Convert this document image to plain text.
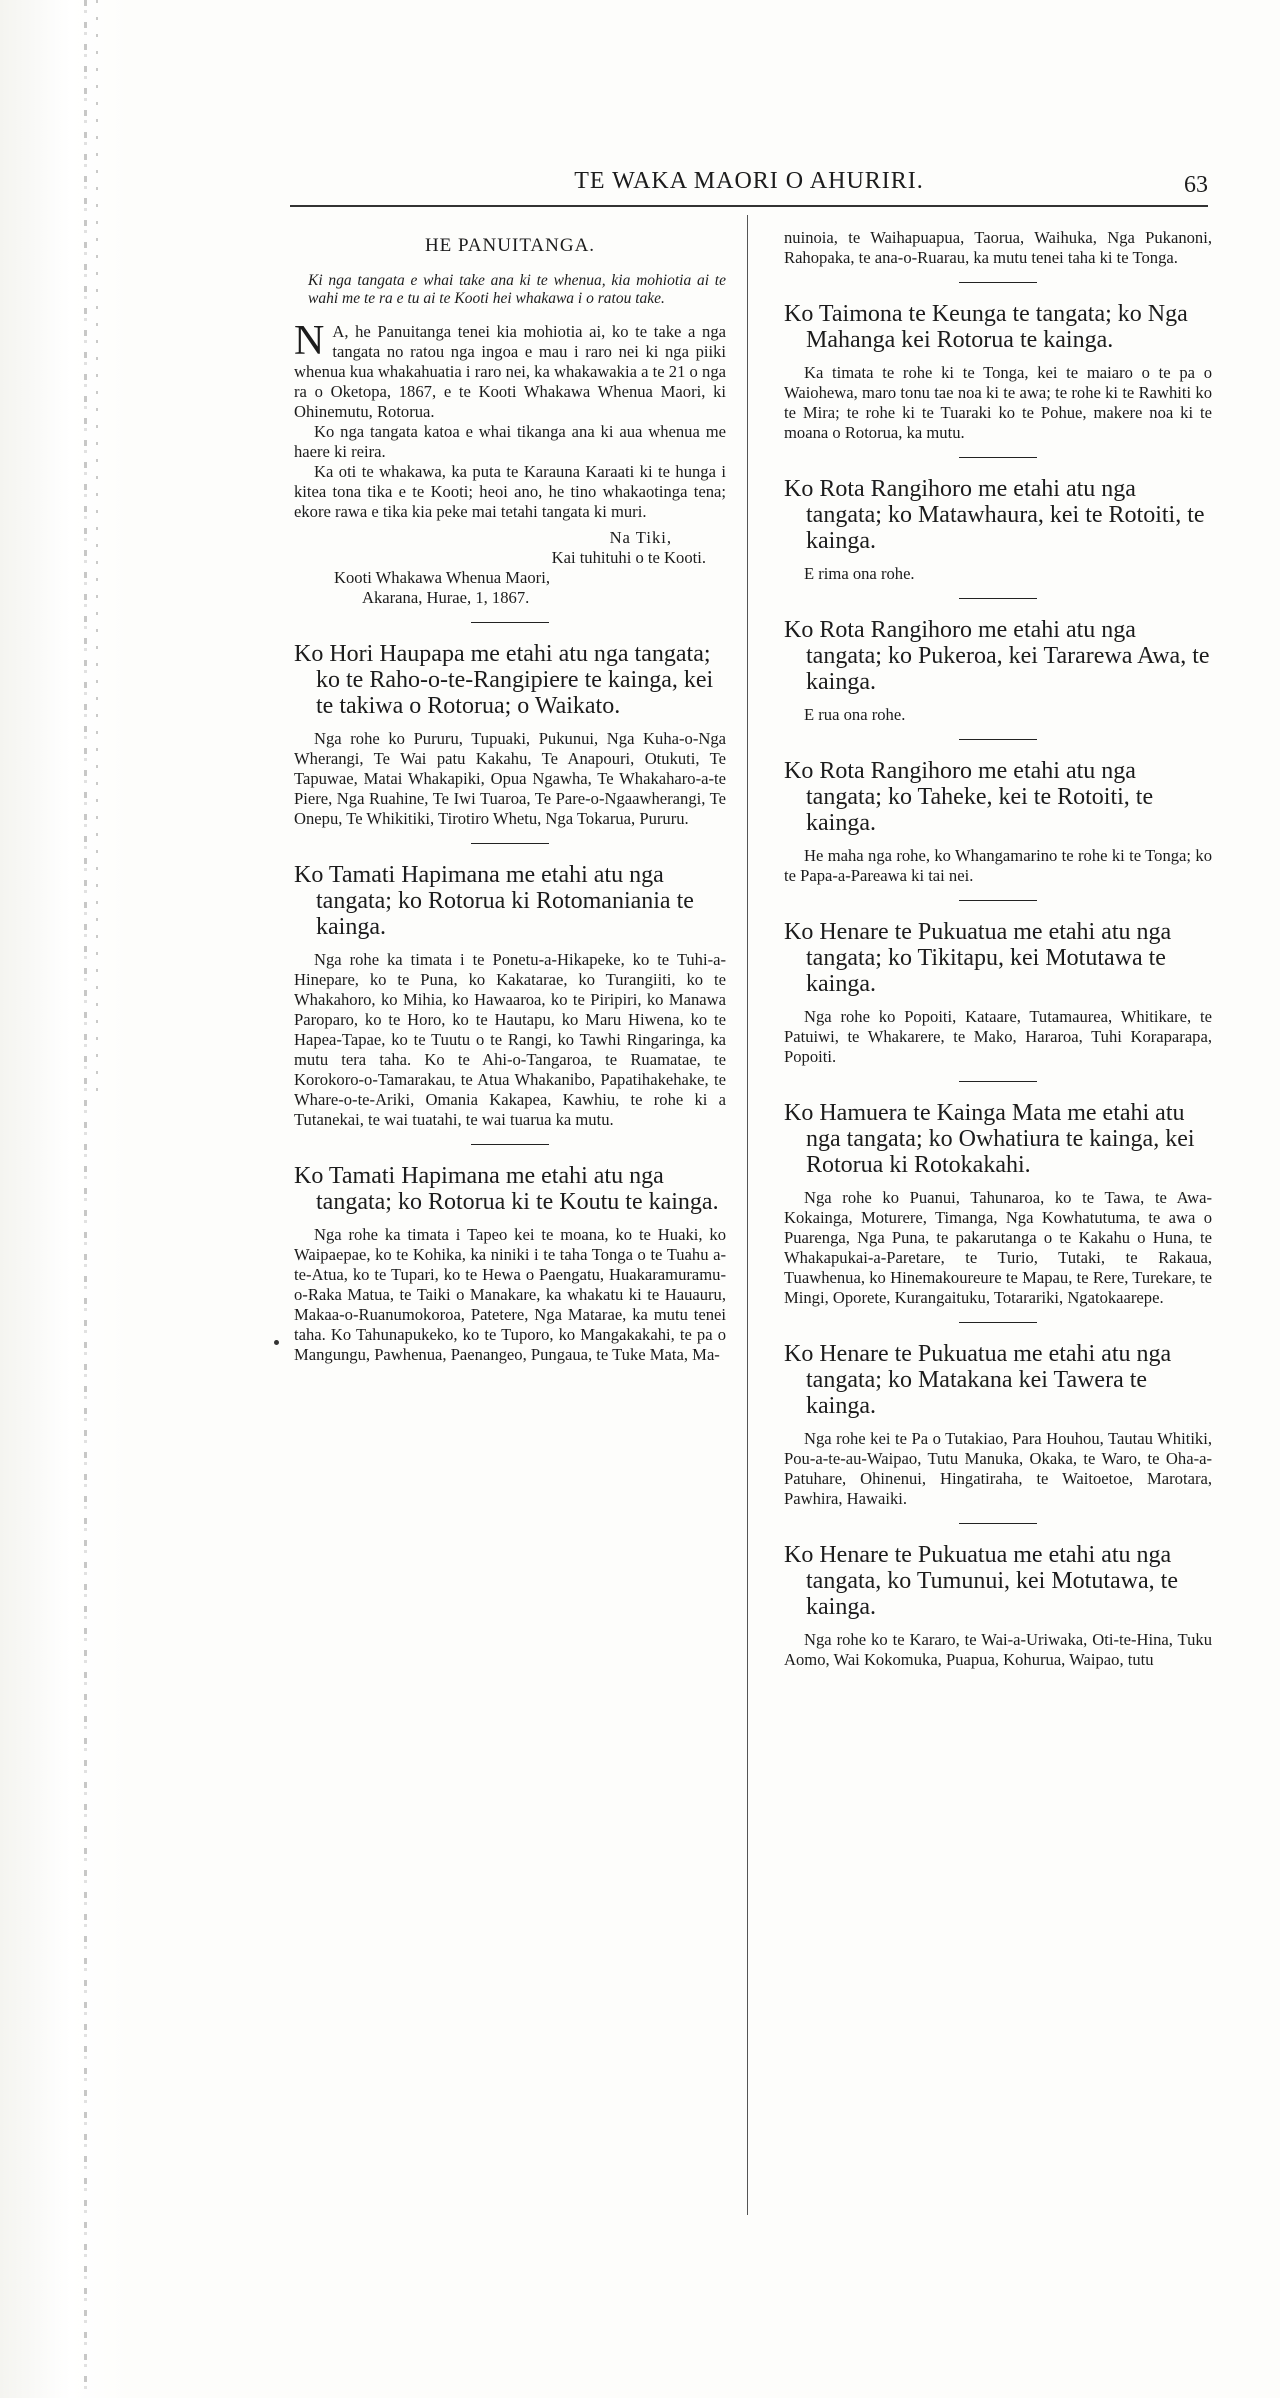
TE WAKA MAORI O AHURIRI.	63
HE PANUITANGA.

Ki nga tangata e whai take ana ki te whenua, kia mohiotia ai te wahi me te ra e tu ai te Kooti hei whakawa i o ratou take.

N A, he Panuitanga tenei kia mohiotia ai, ko te take a nga tangata no ratou nga ingoa e mau i raro nei ki nga piiki whenua kua whakahuatia i raro nei, ka whakawakia a te 21 o nga ra o Oketopa, 1867, e te Kooti Whakawa Whenua Maori, ki Ohinemutu, Rotorua.

Ko nga tangata katoa e whai tikanga ana ki aua whenua me haere ki reira.

Ka oti te whakawa, ka puta te Karauna Karaati ki te hunga i kitea tona tika e te Kooti; heoi ano, he tino whakaotinga tena; ekore rawa e tika kia peke mai tetahi tangata ki muri.

Na Tiki,

Kai tuhituhi o te Kooti.

Kooti Whakawa Whenua Maori,

Akarana, Hurae, 1, 1867.

Ko Hori Haupapa me etahi atu nga tangata; ko te Raho-o-te-Rangipiere te kainga, kei te takiwa o Rotorua; o Waikato.

Nga rohe ko Pururu, Tupuaki, Pukunui, Nga Kuha-o-Nga Wherangi, Te Wai patu Kakahu, Te Anapouri, Otukuti, Te Tapuwae, Matai Whakapiki, Opua Ngawha, Te Whakaharo-a-te Piere, Nga Ruahine, Te Iwi Tuaroa, Te Pare-o-Ngaawherangi, Te Onepu, Te Whikitiki, Tirotiro Whetu, Nga Tokarua, Pururu.

Ko Tamati Hapimana me etahi atu nga tangata; ko Rotorua ki Rotomaniania te kainga.

Nga rohe ka timata i te Ponetu-a-Hikapeke, ko te Tuhi-a-Hinepare, ko te Puna, ko Kakatarae, ko Turangiiti, ko te Whakahoro, ko Mihia, ko Hawaaroa, ko te Piripiri, ko Manawa Paroparo, ko te Horo, ko te Hautapu, ko Maru Hiwena, ko te Hapea-Tapae, ko te Tuutu o te Rangi, ko Tawhi Ringaringa, ka mutu tera taha. Ko te Ahi-o-Tangaroa, te Ruamatae, te Korokoro-o-Tamarakau, te Atua Whakanibo, Papatihakehake, te Whare-o-te-Ariki, Omania Kakapea, Kawhiu, te rohe ki a Tutanekai, te wai tuatahi, te wai tuarua ka mutu.

Ko Tamati Hapimana me etahi atu nga tangata; ko Rotorua ki te Koutu te kainga.

Nga rohe ka timata i Tapeo kei te moana, ko te Huaki, ko Waipaepae, ko te Kohika, ka niniki i te taha Tonga o te Tuahu a-te-Atua, ko te Tupari, ko te Hewa o Paengatu, Huakaramuramu-o-Raka Matua, te Taiki o Manakare, ka whakatu ki te Hauauru, Makaa-o-Ruanumokoroa, Patetere, Nga Matarae, ka mutu tenei taha. Ko Tahunapukeko, ko te Tuporo, ko Mangakakahi, te pa o Mangungu, Pawhenua, Paenangeo, Pungaua, te Tuke Mata, Ma-

nuinoia, te Waihapuapua, Taorua, Waihuka, Nga Pukanoni, Rahopaka, te ana-o-Ruarau, ka mutu tenei taha ki te Tonga.

Ko Taimona te Keunga te tangata; ko Nga Mahanga kei Rotorua te kainga.

Ka timata te rohe ki te Tonga, kei te maiaro o te pa o Waiohewa, maro tonu tae noa ki te awa; te rohe ki te Rawhiti ko te Mira; te rohe ki te Tuaraki ko te Pohue, makere noa ki te moana o Rotorua, ka mutu.

Ko Rota Rangihoro me etahi atu nga tangata; ko Matawhaura, kei te Rotoiti, te kainga.

E rima ona rohe.

Ko Rota Rangihoro me etahi atu nga tangata; ko Pukeroa, kei Tararewa Awa, te kainga.

E rua ona rohe.

Ko Rota Rangihoro me etahi atu nga tangata; ko Taheke, kei te Rotoiti, te kainga.

He maha nga rohe, ko Whangamarino te rohe ki te Tonga; ko te Papa-a-Pareawa ki tai nei.

Ko Henare te Pukuatua me etahi atu nga tangata; ko Tikitapu, kei Motutawa te kainga.

Nga rohe ko Popoiti, Kataare, Tutamaurea, Whitikare, te Patuiwi, te Whakarere, te Mako, Hararoa, Tuhi Koraparapa, Popoiti.

Ko Hamuera te Kainga Mata me etahi atu nga tangata; ko Owhatiura te kainga, kei Rotorua ki Rotokakahi.

Nga rohe ko Puanui, Tahunaroa, ko te Tawa, te Awa-Kokainga, Moturere, Timanga, Nga Kowhatutuma, te awa o Puarenga, Nga Puna, te pakarutanga o te Kakahu o Huna, te Whakapukai-a-Paretare, te Turio, Tutaki, te Rakaua, Tuawhenua, ko Hinemakoureure te Mapau, te Rere, Turekare, te Mingi, Oporete, Kurangaituku, Totarariki, Ngatokaarepe.

Ko Henare te Pukuatua me etahi atu nga tangata; ko Matakana kei Tawera te kainga.

Nga rohe kei te Pa o Tutakiao, Para Houhou, Tautau Whitiki, Pou-a-te-au-Waipao, Tutu Manuka, Okaka, te Waro, te Oha-a-Patuhare, Ohinenui, Hingatiraha, te Waitoetoe, Marotara, Pawhira, Hawaiki.

Ko Henare te Pukuatua me etahi atu nga tangata, ko Tumunui, kei Motutawa, te kainga.

Nga rohe ko te Kararo, te Wai-a-Uriwaka, Oti-te-Hina, Tuku Aomo, Wai Kokomuka, Puapua, Kohurua, Waipao, tutu
